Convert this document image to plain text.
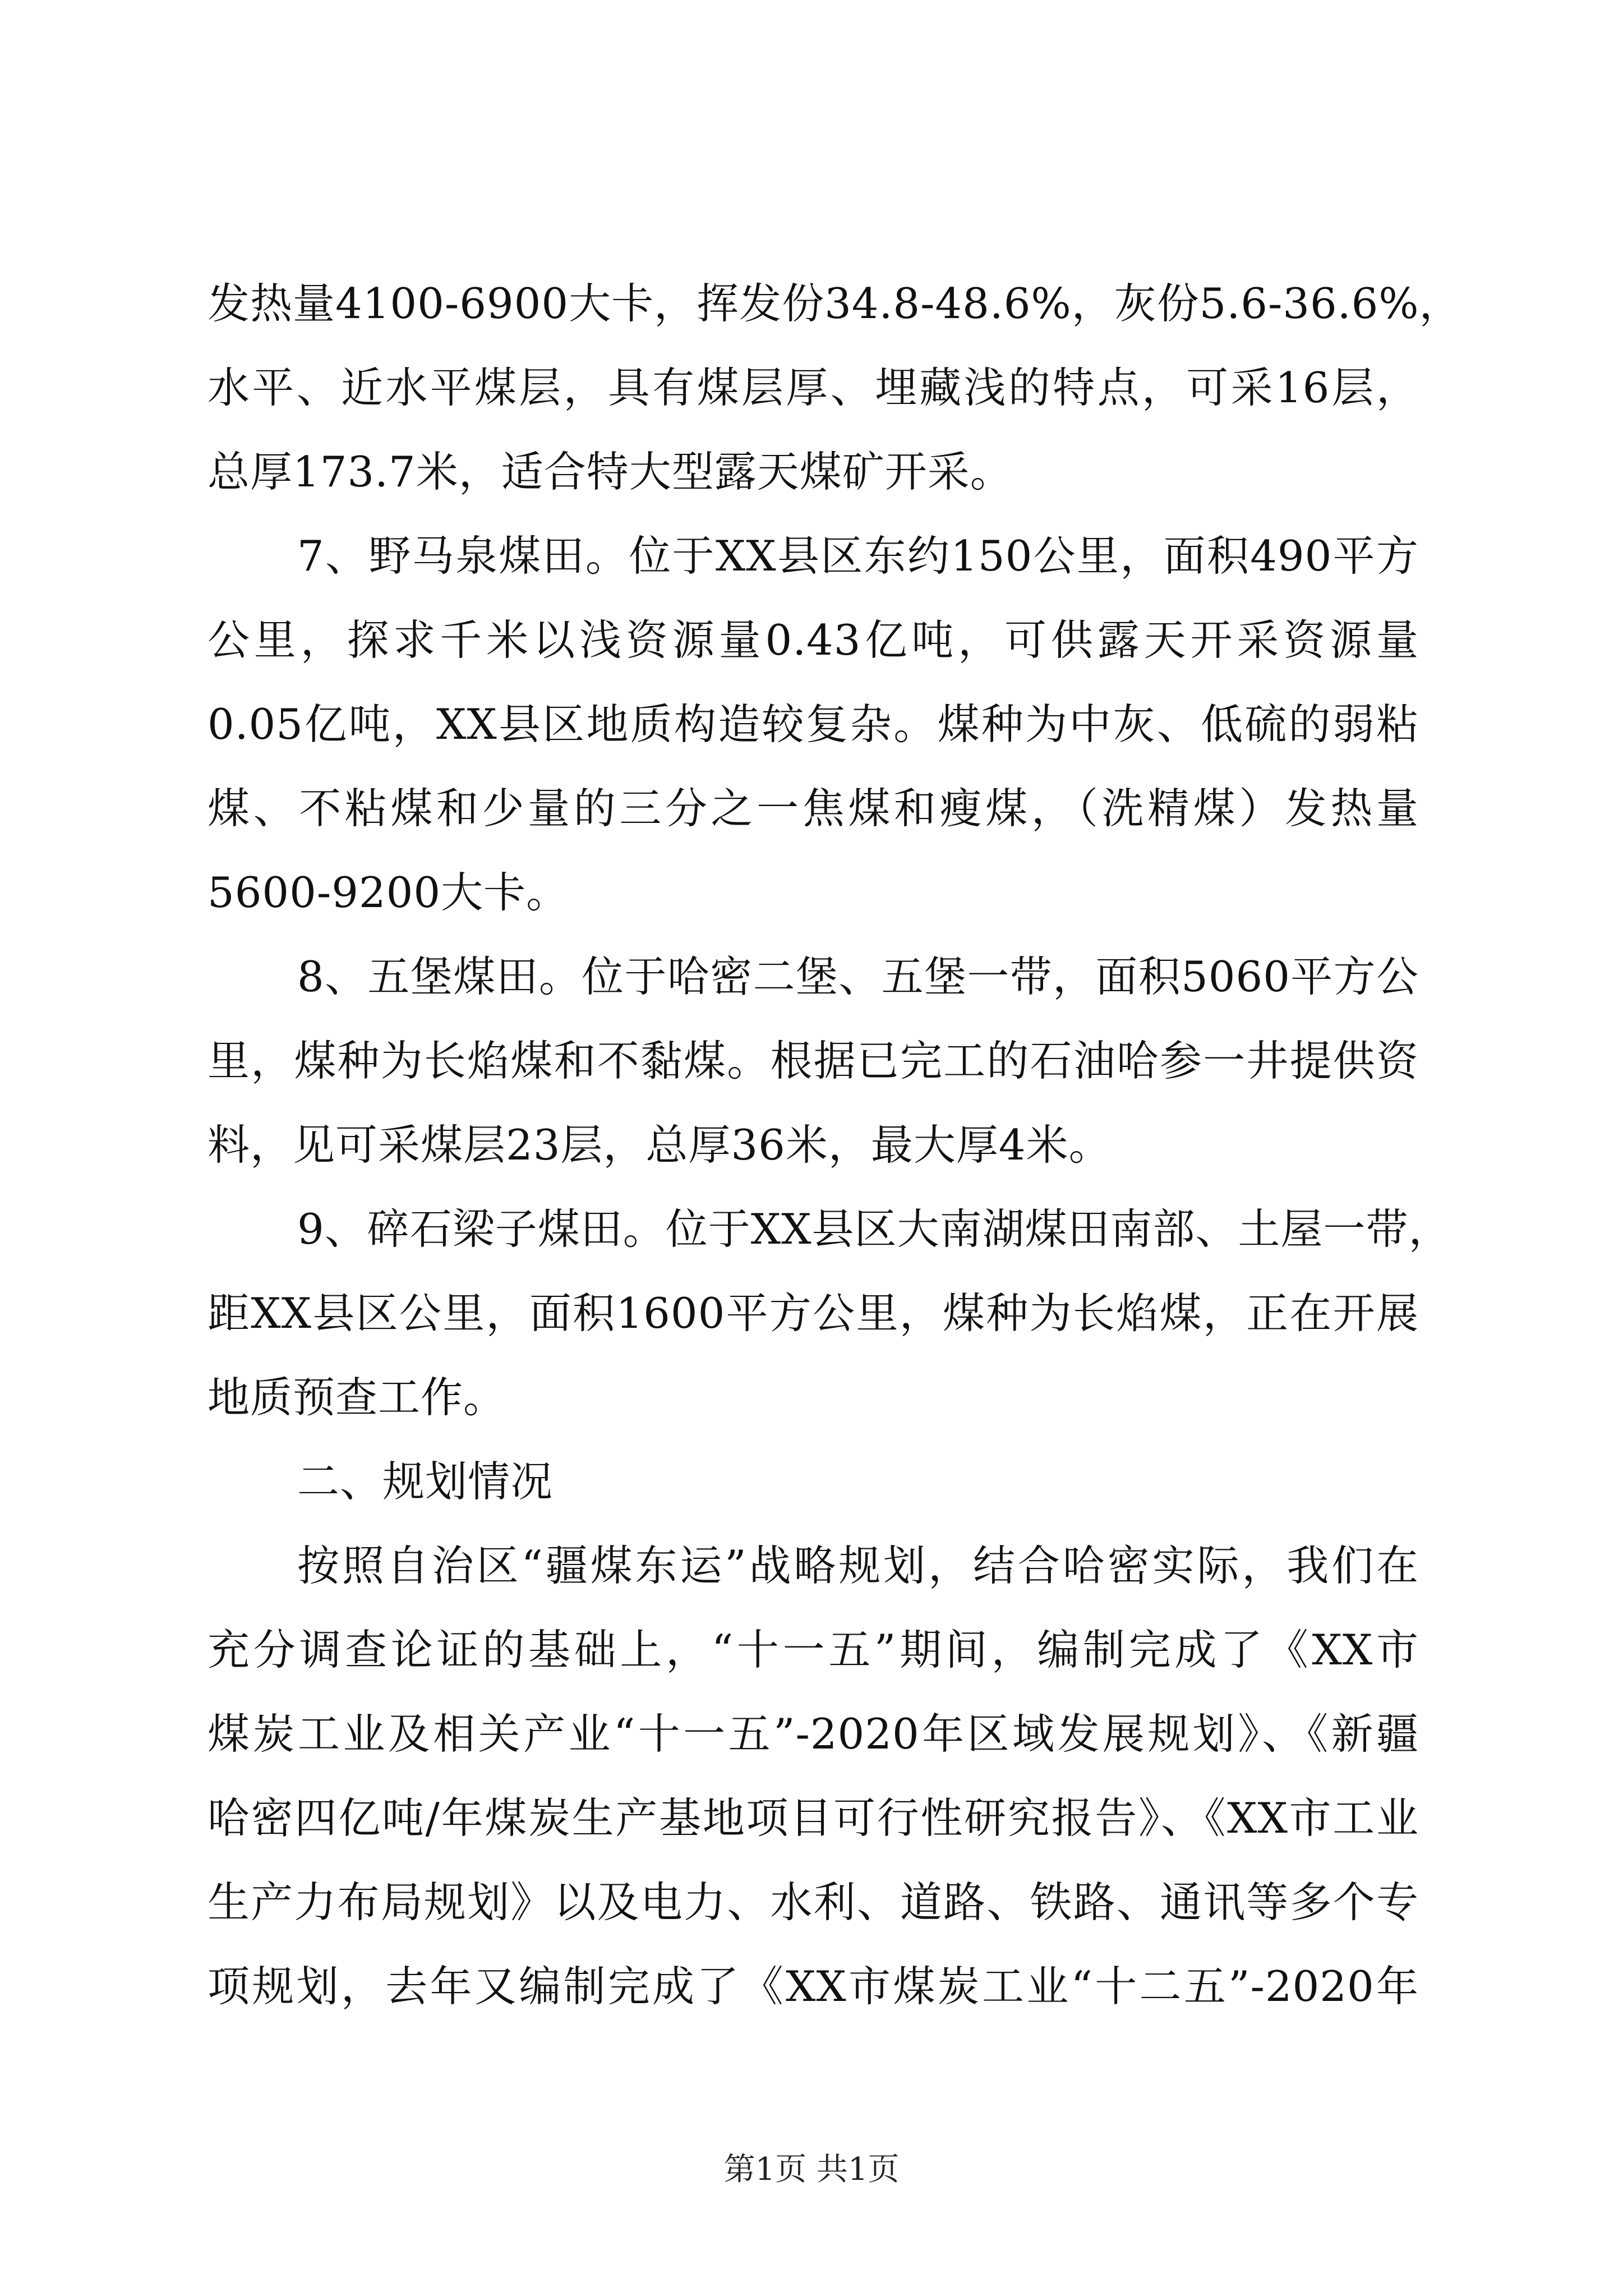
发热量4100-6900大卡，挥发份34.8-48.6%，灰份5.6-36.6%，
水平、近水平煤层，具有煤层厚、埋藏浅的特点，可采16层，
总厚173.7米，适合特大型露天煤矿开采。
7、野马泉煤田。位于XX县区东约150公里，面积490平方
公里，探求千米以浅资源量0.43亿吨，可供露天开采资源量
0.05亿吨，XX县区地质构造较复杂。煤种为中灰、低硫的弱粘
煤、不粘煤和少量的三分之一焦煤和瘦煤，（洗精煤）发热量
5600-9200大卡。
8、五堡煤田。位于哈密二堡、五堡一带，面积5060平方公
里，煤种为长焰煤和不黏煤。根据已完工的石油哈参一井提供资
料，见可采煤层23层，总厚36米，最大厚4米。
9、碎石梁子煤田。位于XX县区大南湖煤田南部、土屋一带，
距XX县区公里，面积1600平方公里，煤种为长焰煤，正在开展
地质预查工作。
二、规划情况
按照自治区“疆煤东运”战略规划，结合哈密实际，我们在
充分调查论证的基础上，“十一五”期间，编制完成了《XX市
煤炭工业及相关产业“十一五”-2020年区域发展规划》、《新疆
哈密四亿吨/年煤炭生产基地项目可行性研究报告》、《XX市工业
生产力布局规划》以及电力、水利、道路、铁路、通讯等多个专
项规划，去年又编制完成了《XX市煤炭工业“十二五”-2020年
第1页 共1页
